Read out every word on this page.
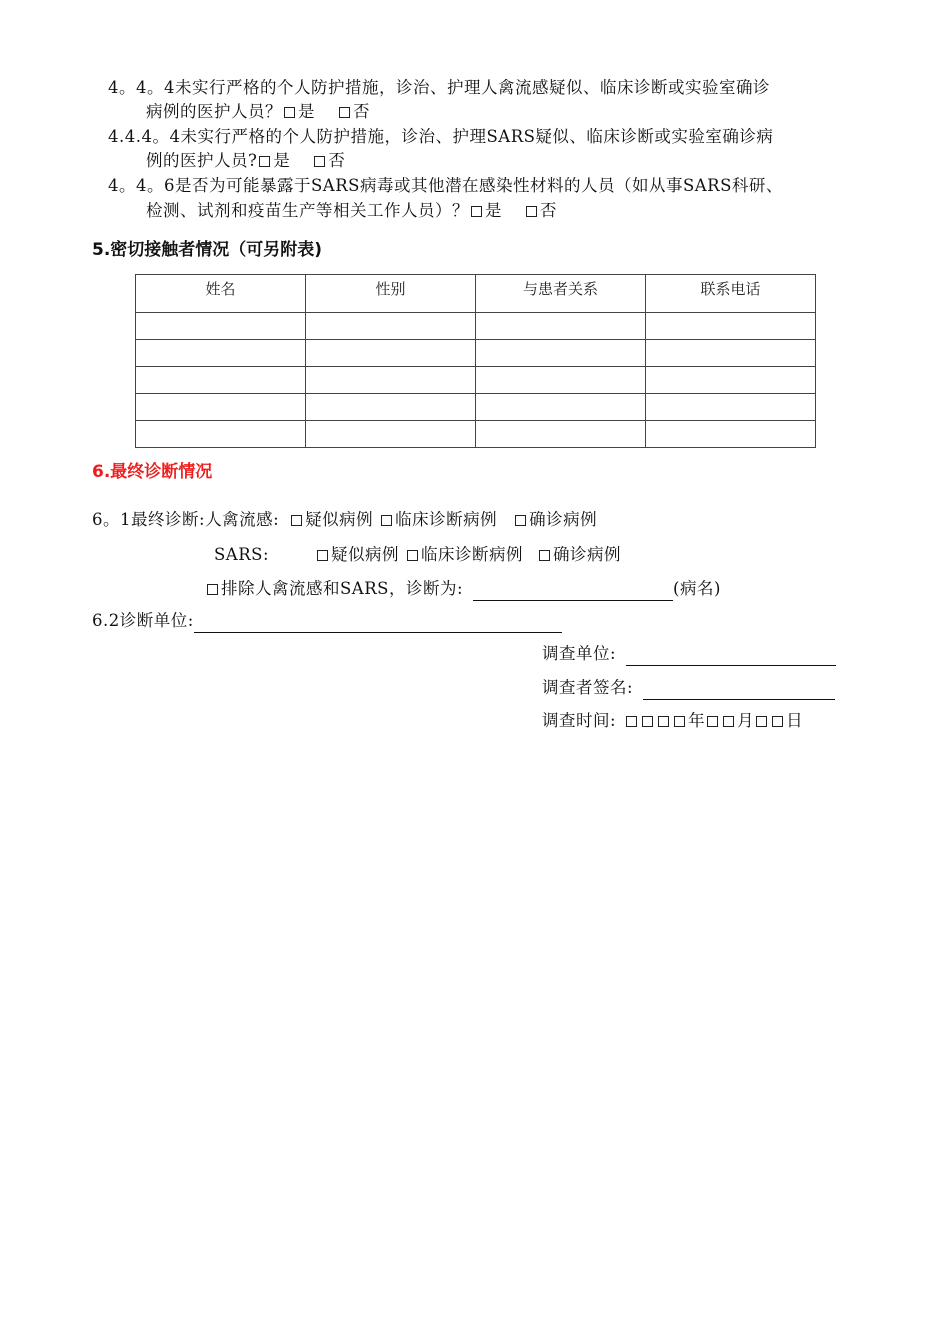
4。4。4未实行严格的个人防护措施，诊治、护理人禽流感疑似、临床诊断或实验室确诊
病例的医护人员？ 是 否
4.4.4。4未实行严格的个人防护措施，诊治、护理SARS疑似、临床诊断或实验室确诊病
例的医护人员? 是 否
4。4。6是否为可能暴露于SARS病毒或其他潜在感染性材料的人员（如从事SARS科研、
检测、试剂和疫苗生产等相关工作人员）？ 是 否
5.密切接触者情况（可另附表)
姓名	性别	与患者关系	联系电话

6.最终诊断情况
6。1最终诊断:人禽流感: 疑似病例 临床诊断病例 确诊病例
SARS:	疑似病例 临床诊断病例 确诊病例
排除人禽流感和SARS，诊断为:	(病名)
6.2诊断单位:
调查单位:
调查者签名:
调查时间:	年 月 日
